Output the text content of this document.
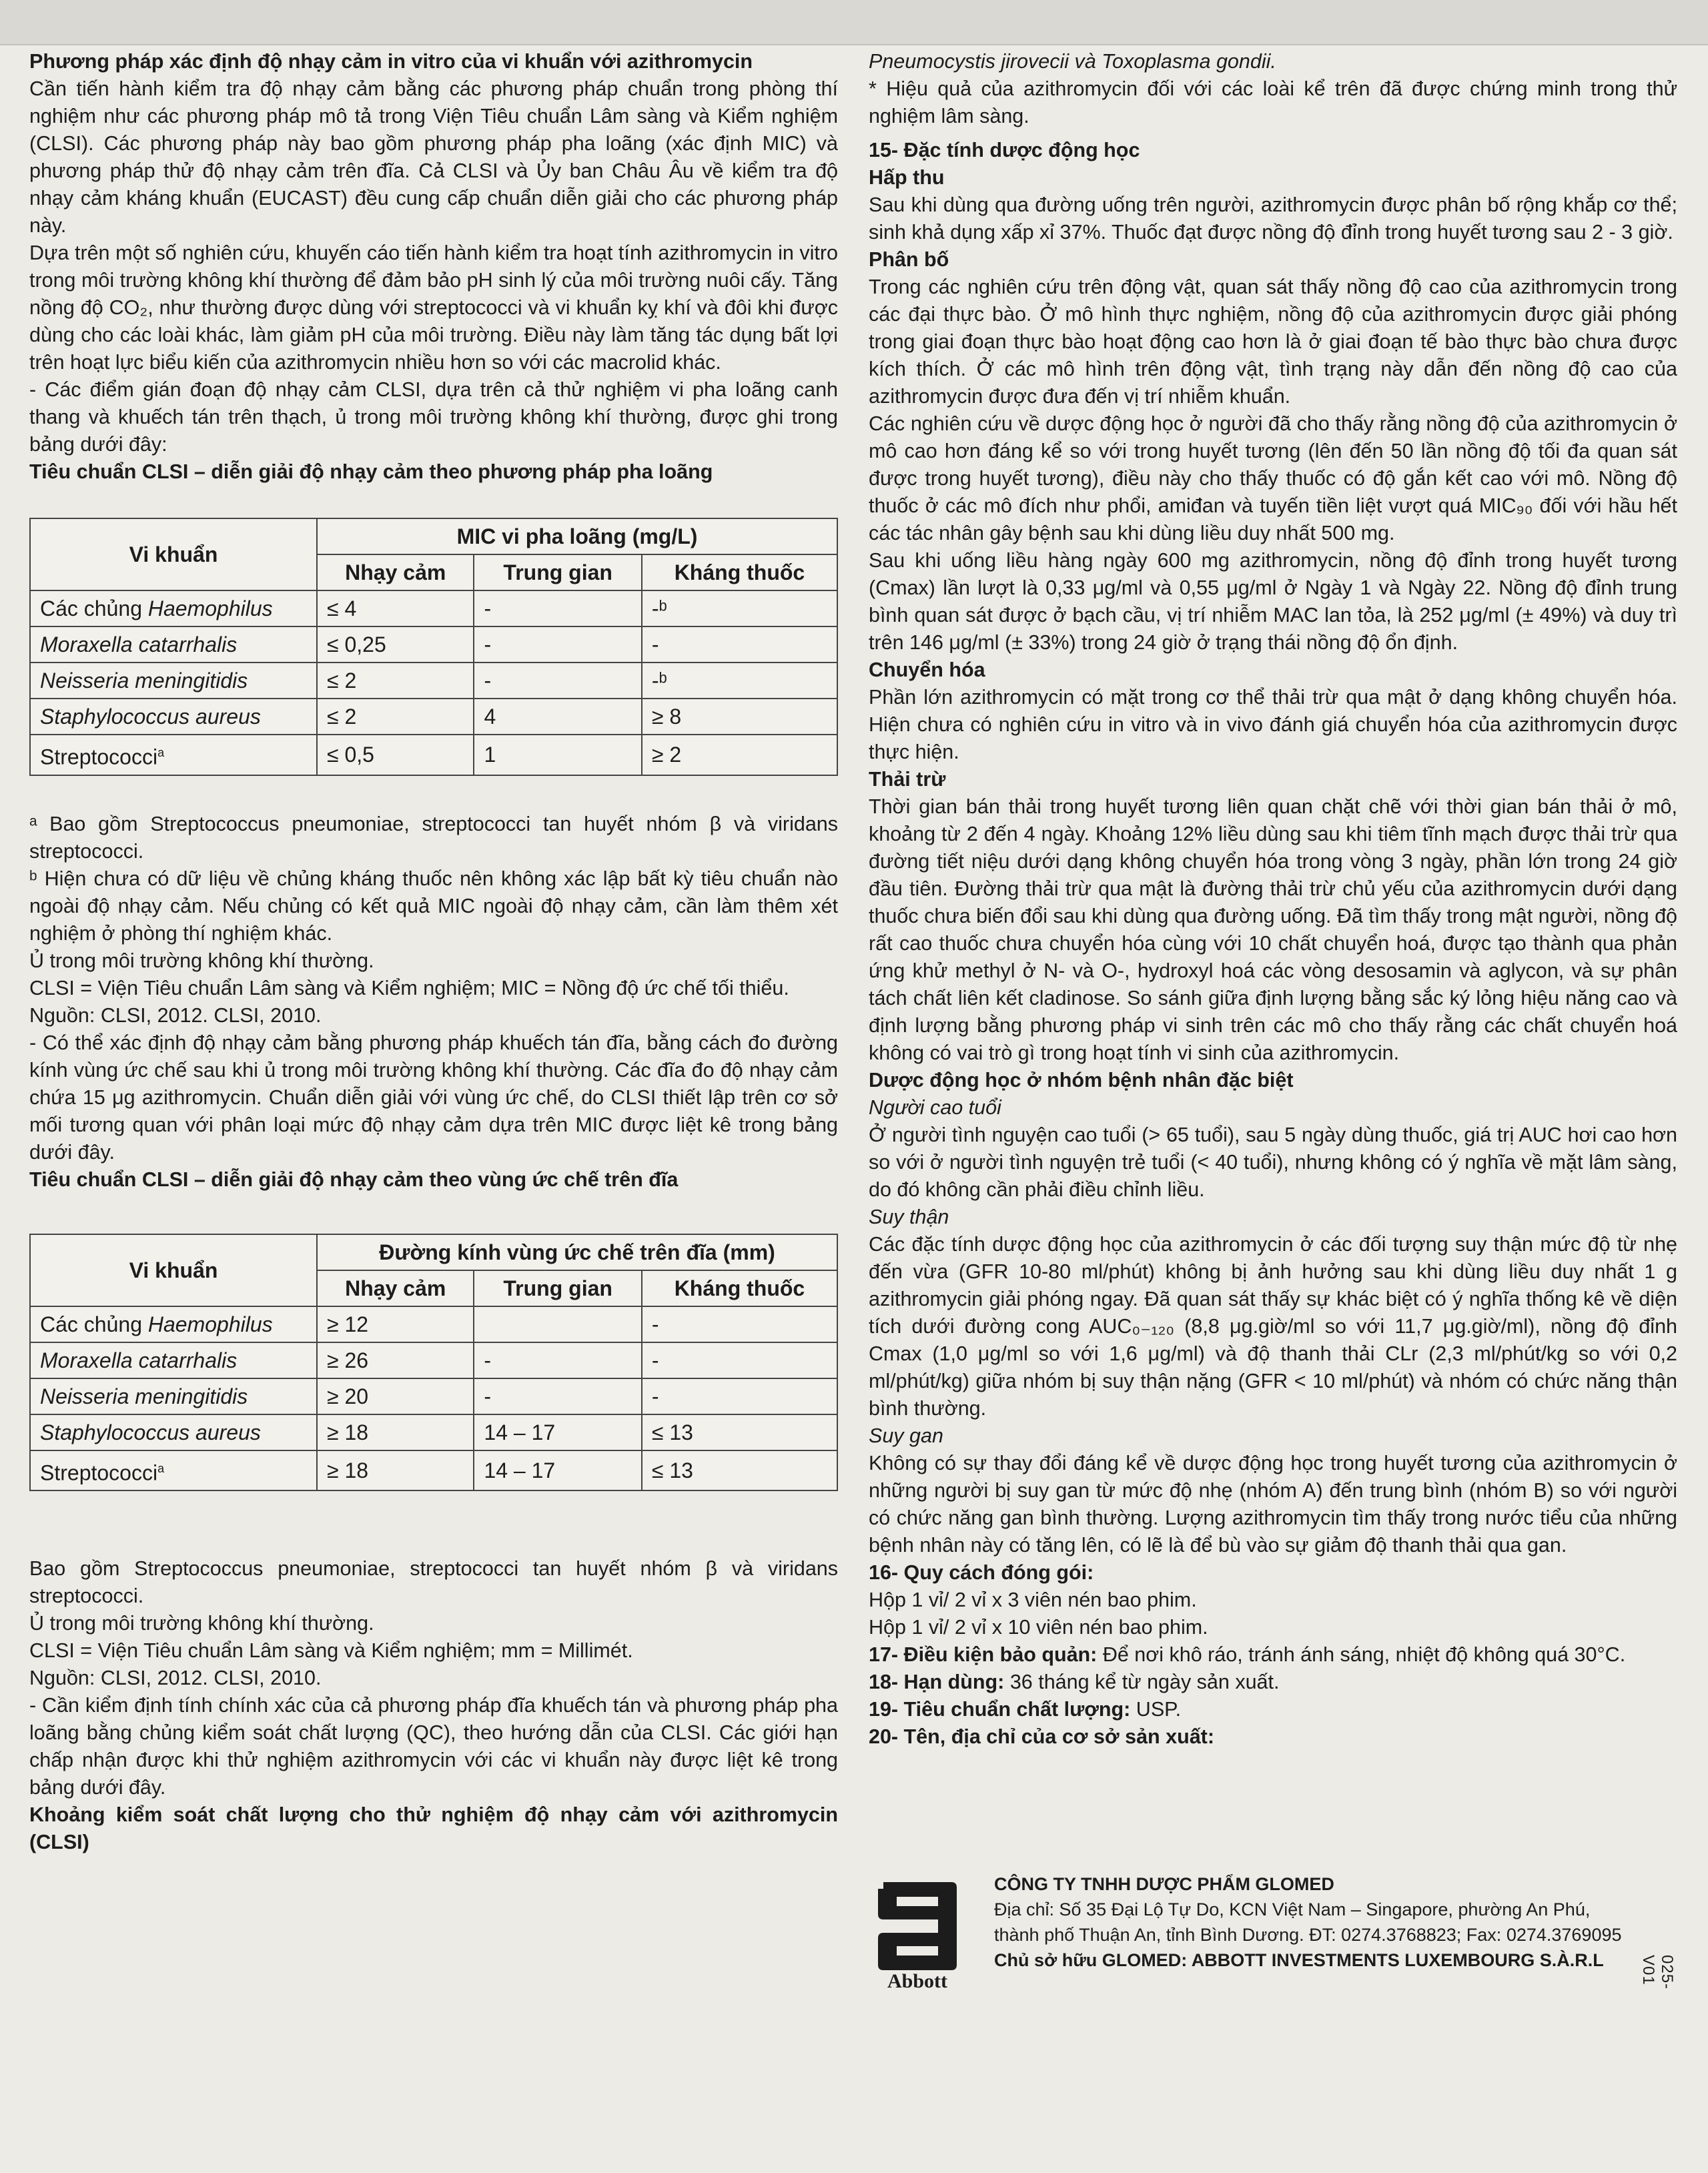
Phương pháp xác định độ nhạy cảm in vitro của vi khuẩn với azithromycin

Cần tiến hành kiểm tra độ nhạy cảm bằng các phương pháp chuẩn trong phòng thí nghiệm như các phương pháp mô tả trong Viện Tiêu chuẩn Lâm sàng và Kiểm nghiệm (CLSI). Các phương pháp này bao gồm phương pháp pha loãng (xác định MIC) và phương pháp thử độ nhạy cảm trên đĩa. Cả CLSI và Ủy ban Châu Âu về kiểm tra độ nhạy cảm kháng khuẩn (EUCAST) đều cung cấp chuẩn diễn giải cho các phương pháp này.

Dựa trên một số nghiên cứu, khuyến cáo tiến hành kiểm tra hoạt tính azithromycin in vitro trong môi trường không khí thường để đảm bảo pH sinh lý của môi trường nuôi cấy. Tăng nồng độ CO₂, như thường được dùng với streptococci và vi khuẩn kỵ khí và đôi khi được dùng cho các loài khác, làm giảm pH của môi trường. Điều này làm tăng tác dụng bất lợi trên hoạt lực biểu kiến của azithromycin nhiều hơn so với các macrolid khác.

- Các điểm gián đoạn độ nhạy cảm CLSI, dựa trên cả thử nghiệm vi pha loãng canh thang và khuếch tán trên thạch, ủ trong môi trường không khí thường, được ghi trong bảng dưới đây:

Tiêu chuẩn CLSI – diễn giải độ nhạy cảm theo phương pháp pha loãng

Vi khuẩn	MIC vi pha loãng (mg/L)		
	Nhạy cảm	Trung gian	Kháng thuốc
Các chủng Haemophilus	≤ 4	-	-ᵇ
Moraxella catarrhalis	≤ 0,25	-	-
Neisseria meningitidis	≤ 2	-	-ᵇ
Staphylococcus aureus	≤ 2	4	≥ 8
Streptococci$^a$	≤ 0,5	1	≥ 2

ᵃ Bao gồm Streptococcus pneumoniae, streptococci tan huyết nhóm β và viridans streptococci.

ᵇ Hiện chưa có dữ liệu về chủng kháng thuốc nên không xác lập bất kỳ tiêu chuẩn nào ngoài độ nhạy cảm. Nếu chủng có kết quả MIC ngoài độ nhạy cảm, cần làm thêm xét nghiệm ở phòng thí nghiệm khác.

Ủ trong môi trường không khí thường.

CLSI = Viện Tiêu chuẩn Lâm sàng và Kiểm nghiệm; MIC = Nồng độ ức chế tối thiểu.

Nguồn: CLSI, 2012. CLSI, 2010.

- Có thể xác định độ nhạy cảm bằng phương pháp khuếch tán đĩa, bằng cách đo đường kính vùng ức chế sau khi ủ trong môi trường không khí thường. Các đĩa đo độ nhạy cảm chứa 15 μg azithromycin. Chuẩn diễn giải với vùng ức chế, do CLSI thiết lập trên cơ sở mối tương quan với phân loại mức độ nhạy cảm dựa trên MIC được liệt kê trong bảng dưới đây.

Tiêu chuẩn CLSI – diễn giải độ nhạy cảm theo vùng ức chế trên đĩa

Vi khuẩn	Đường kính vùng ức chế trên đĩa (mm)		
	Nhạy cảm	Trung gian	Kháng thuốc
Các chủng Haemophilus	≥ 12		-
Moraxella catarrhalis	≥ 26	-	-
Neisseria meningitidis	≥ 20	-	-
Staphylococcus aureus	≥ 18	14 – 17	≤ 13
Streptococci$^a$	≥ 18	14 – 17	≤ 13

Bao gồm Streptococcus pneumoniae, streptococci tan huyết nhóm β và viridans streptococci.

Ủ trong môi trường không khí thường.

CLSI = Viện Tiêu chuẩn Lâm sàng và Kiểm nghiệm; mm = Millimét.

Nguồn: CLSI, 2012. CLSI, 2010.

- Cần kiểm định tính chính xác của cả phương pháp đĩa khuếch tán và phương pháp pha loãng bằng chủng kiểm soát chất lượng (QC), theo hướng dẫn của CLSI. Các giới hạn chấp nhận được khi thử nghiệm azithromycin với các vi khuẩn này được liệt kê trong bảng dưới đây.

Khoảng kiểm soát chất lượng cho thử nghiệm độ nhạy cảm với azithromycin (CLSI)

Pneumocystis jirovecii và Toxoplasma gondii.

* Hiệu quả của azithromycin đối với các loài kể trên đã được chứng minh trong thử nghiệm lâm sàng.

15- Đặc tính dược động học

Hấp thu

Sau khi dùng qua đường uống trên người, azithromycin được phân bố rộng khắp cơ thể; sinh khả dụng xấp xỉ 37%. Thuốc đạt được nồng độ đỉnh trong huyết tương sau 2 - 3 giờ.

Phân bố

Trong các nghiên cứu trên động vật, quan sát thấy nồng độ cao của azithromycin trong các đại thực bào. Ở mô hình thực nghiệm, nồng độ của azithromycin được giải phóng trong giai đoạn thực bào hoạt động cao hơn là ở giai đoạn tế bào thực bào chưa được kích thích. Ở các mô hình trên động vật, tình trạng này dẫn đến nồng độ cao của azithromycin được đưa đến vị trí nhiễm khuẩn.

Các nghiên cứu về dược động học ở người đã cho thấy rằng nồng độ của azithromycin ở mô cao hơn đáng kể so với trong huyết tương (lên đến 50 lần nồng độ tối đa quan sát được trong huyết tương), điều này cho thấy thuốc có độ gắn kết cao với mô. Nồng độ thuốc ở các mô đích như phổi, amiđan và tuyến tiền liệt vượt quá MIC₉₀ đối với hầu hết các tác nhân gây bệnh sau khi dùng liều duy nhất 500 mg.

Sau khi uống liều hàng ngày 600 mg azithromycin, nồng độ đỉnh trong huyết tương (Cmax) lần lượt là 0,33 μg/ml và 0,55 μg/ml ở Ngày 1 và Ngày 22. Nồng độ đỉnh trung bình quan sát được ở bạch cầu, vị trí nhiễm MAC lan tỏa, là 252 μg/ml (± 49%) và duy trì trên 146 μg/ml (± 33%) trong 24 giờ ở trạng thái nồng độ ổn định.

Chuyển hóa

Phần lớn azithromycin có mặt trong cơ thể thải trừ qua mật ở dạng không chuyển hóa. Hiện chưa có nghiên cứu in vitro và in vivo đánh giá chuyển hóa của azithromycin được thực hiện.

Thải trừ

Thời gian bán thải trong huyết tương liên quan chặt chẽ với thời gian bán thải ở mô, khoảng từ 2 đến 4 ngày. Khoảng 12% liều dùng sau khi tiêm tĩnh mạch được thải trừ qua đường tiết niệu dưới dạng không chuyển hóa trong vòng 3 ngày, phần lớn trong 24 giờ đầu tiên. Đường thải trừ qua mật là đường thải trừ chủ yếu của azithromycin dưới dạng thuốc chưa biến đổi sau khi dùng qua đường uống. Đã tìm thấy trong mật người, nồng độ rất cao thuốc chưa chuyển hóa cùng với 10 chất chuyển hoá, được tạo thành qua phản ứng khử methyl ở N- và O-, hydroxyl hoá các vòng desosamin và aglycon, và sự phân tách chất liên kết cladinose. So sánh giữa định lượng bằng sắc ký lỏng hiệu năng cao và định lượng bằng phương pháp vi sinh trên các mô cho thấy rằng các chất chuyển hoá không có vai trò gì trong hoạt tính vi sinh của azithromycin.

Dược động học ở nhóm bệnh nhân đặc biệt

Người cao tuổi

Ở người tình nguyện cao tuổi (> 65 tuổi), sau 5 ngày dùng thuốc, giá trị AUC hơi cao hơn so với ở người tình nguyện trẻ tuổi (< 40 tuổi), nhưng không có ý nghĩa về mặt lâm sàng, do đó không cần phải điều chỉnh liều.

Suy thận

Các đặc tính dược động học của azithromycin ở các đối tượng suy thận mức độ từ nhẹ đến vừa (GFR 10-80 ml/phút) không bị ảnh hưởng sau khi dùng liều duy nhất 1 g azithromycin giải phóng ngay. Đã quan sát thấy sự khác biệt có ý nghĩa thống kê về diện tích dưới đường cong AUC₀₋₁₂₀ (8,8 μg.giờ/ml so với 11,7 μg.giờ/ml), nồng độ đỉnh Cmax (1,0 μg/ml so với 1,6 μg/ml) và độ thanh thải CLr (2,3 ml/phút/kg so với 0,2 ml/phút/kg) giữa nhóm bị suy thận nặng (GFR < 10 ml/phút) và nhóm có chức năng thận bình thường.

Suy gan

Không có sự thay đổi đáng kể về dược động học trong huyết tương của azithromycin ở những người bị suy gan từ mức độ nhẹ (nhóm A) đến trung bình (nhóm B) so với người có chức năng gan bình thường. Lượng azithromycin tìm thấy trong nước tiểu của những bệnh nhân này có tăng lên, có lẽ là để bù vào sự giảm độ thanh thải qua gan.

16- Quy cách đóng gói:

Hộp 1 vỉ/ 2 vỉ x 3 viên nén bao phim.

Hộp 1 vỉ/ 2 vỉ x 10 viên nén bao phim.

17- Điều kiện bảo quản: Để nơi khô ráo, tránh ánh sáng, nhiệt độ không quá 30°C.

18- Hạn dùng: 36 tháng kể từ ngày sản xuất.

19- Tiêu chuẩn chất lượng: USP.

20- Tên, địa chỉ của cơ sở sản xuất:

Abbott
CÔNG TY TNHH DƯỢC PHẨM GLOMED
Địa chỉ: Số 35 Đại Lộ Tự Do, KCN Việt Nam – Singapore, phường An Phú,
thành phố Thuận An, tỉnh Bình Dương. ĐT: 0274.3768823; Fax: 0274.3769095
Chủ sở hữu GLOMED: ABBOTT INVESTMENTS LUXEMBOURG S.À.R.L	025-V01
